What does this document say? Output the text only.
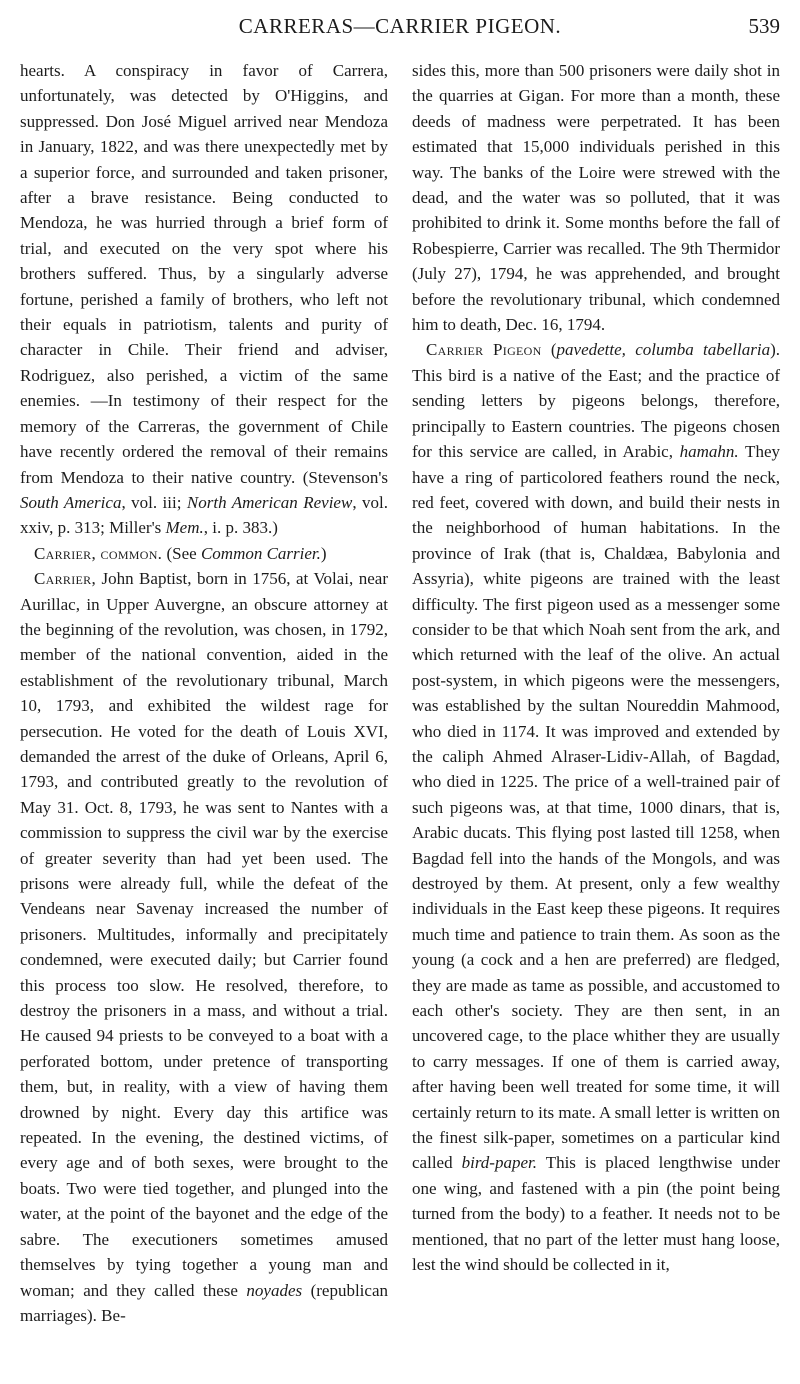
CARRERAS—CARRIER PIGEON.	539

hearts. A conspiracy in favor of Carrera, unfortunately, was detected by O'Higgins, and suppressed. Don José Miguel arrived near Mendoza in January, 1822, and was there unexpectedly met by a superior force, and surrounded and taken prisoner, after a brave resistance. Being conducted to Mendoza, he was hurried through a brief form of trial, and executed on the very spot where his brothers suffered. Thus, by a singularly adverse fortune, perished a family of brothers, who left not their equals in patriotism, talents and purity of character in Chile. Their friend and adviser, Rodriguez, also perished, a victim of the same enemies. —In testimony of their respect for the memory of the Carreras, the government of Chile have recently ordered the removal of their remains from Mendoza to their native country. (Stevenson's South America, vol. iii; North American Review, vol. xxiv, p. 313; Miller's Mem., i. p. 383.)

Carrier, common. (See Common Carrier.)

Carrier, John Baptist, born in 1756, at Volai, near Aurillac, in Upper Auvergne, an obscure attorney at the beginning of the revolution, was chosen, in 1792, member of the national convention, aided in the establishment of the revolutionary tribunal, March 10, 1793, and exhibited the wildest rage for persecution. He voted for the death of Louis XVI, demanded the arrest of the duke of Orleans, April 6, 1793, and contributed greatly to the revolution of May 31. Oct. 8, 1793, he was sent to Nantes with a commission to suppress the civil war by the exercise of greater severity than had yet been used. The prisons were already full, while the defeat of the Vendeans near Savenay increased the number of prisoners. Multitudes, informally and precipitately condemned, were executed daily; but Carrier found this process too slow. He resolved, therefore, to destroy the prisoners in a mass, and without a trial. He caused 94 priests to be conveyed to a boat with a perforated bottom, under pretence of transporting them, but, in reality, with a view of having them drowned by night. Every day this artifice was repeated. In the evening, the destined victims, of every age and of both sexes, were brought to the boats. Two were tied together, and plunged into the water, at the point of the bayonet and the edge of the sabre. The executioners sometimes amused themselves by tying together a young man and woman; and they called these noyades (republican marriages). Be-

sides this, more than 500 prisoners were daily shot in the quarries at Gigan. For more than a month, these deeds of madness were perpetrated. It has been estimated that 15,000 individuals perished in this way. The banks of the Loire were strewed with the dead, and the water was so polluted, that it was prohibited to drink it. Some months before the fall of Robespierre, Carrier was recalled. The 9th Thermidor (July 27), 1794, he was apprehended, and brought before the revolutionary tribunal, which condemned him to death, Dec. 16, 1794.

Carrier Pigeon (pavedette, columba tabellaria). This bird is a native of the East; and the practice of sending letters by pigeons belongs, therefore, principally to Eastern countries. The pigeons chosen for this service are called, in Arabic, hamahn. They have a ring of particolored feathers round the neck, red feet, covered with down, and build their nests in the neighborhood of human habitations. In the province of Irak (that is, Chaldæa, Babylonia and Assyria), white pigeons are trained with the least difficulty. The first pigeon used as a messenger some consider to be that which Noah sent from the ark, and which returned with the leaf of the olive. An actual post-system, in which pigeons were the messengers, was established by the sultan Noureddin Mahmood, who died in 1174. It was improved and extended by the caliph Ahmed Alraser-Lidiv-Allah, of Bagdad, who died in 1225. The price of a well-trained pair of such pigeons was, at that time, 1000 dinars, that is, Arabic ducats. This flying post lasted till 1258, when Bagdad fell into the hands of the Mongols, and was destroyed by them. At present, only a few wealthy individuals in the East keep these pigeons. It requires much time and patience to train them. As soon as the young (a cock and a hen are preferred) are fledged, they are made as tame as possible, and accustomed to each other's society. They are then sent, in an uncovered cage, to the place whither they are usually to carry messages. If one of them is carried away, after having been well treated for some time, it will certainly return to its mate. A small letter is written on the finest silk-paper, sometimes on a particular kind called bird-paper. This is placed lengthwise under one wing, and fastened with a pin (the point being turned from the body) to a feather. It needs not to be mentioned, that no part of the letter must hang loose, lest the wind should be collected in it,
